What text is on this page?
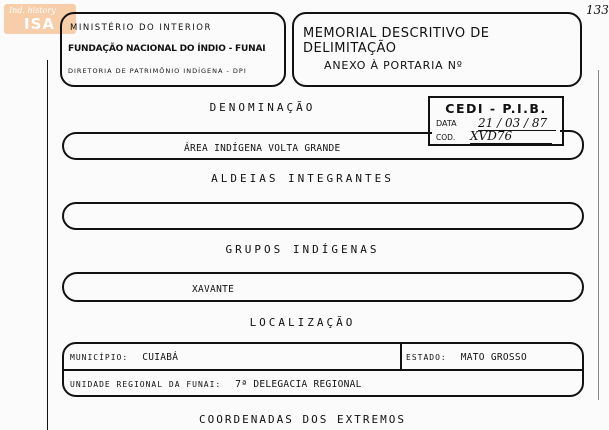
Ind. history
ISA
133
MINISTÉRIO DO INTERIOR
FUNDAÇÃO NACIONAL DO ÍNDIO - FUNAI
DIRETORIA DE PATRIMÔNIO INDÍGENA - DPI
MEMORIAL DESCRITIVO DE DELIMITAÇÃO
ANEXO À PORTARIA Nº
DENOMINAÇÃO	CEDI - P.I.B.
DATA 21 / 03 / 87
COD. XVD76
ÁREA INDÍGENA VOLTA GRANDE
ALDEIAS INTEGRANTES
GRUPOS INDÍGENAS
XAVANTE
LOCALIZAÇÃO
MUNICÍPIO: CUIABÁ	ESTADO: MATO GROSSO
UNIDADE REGIONAL DA FUNAI: 7ª DELEGACIA REGIONAL
COORDENADAS DOS EXTREMOS
